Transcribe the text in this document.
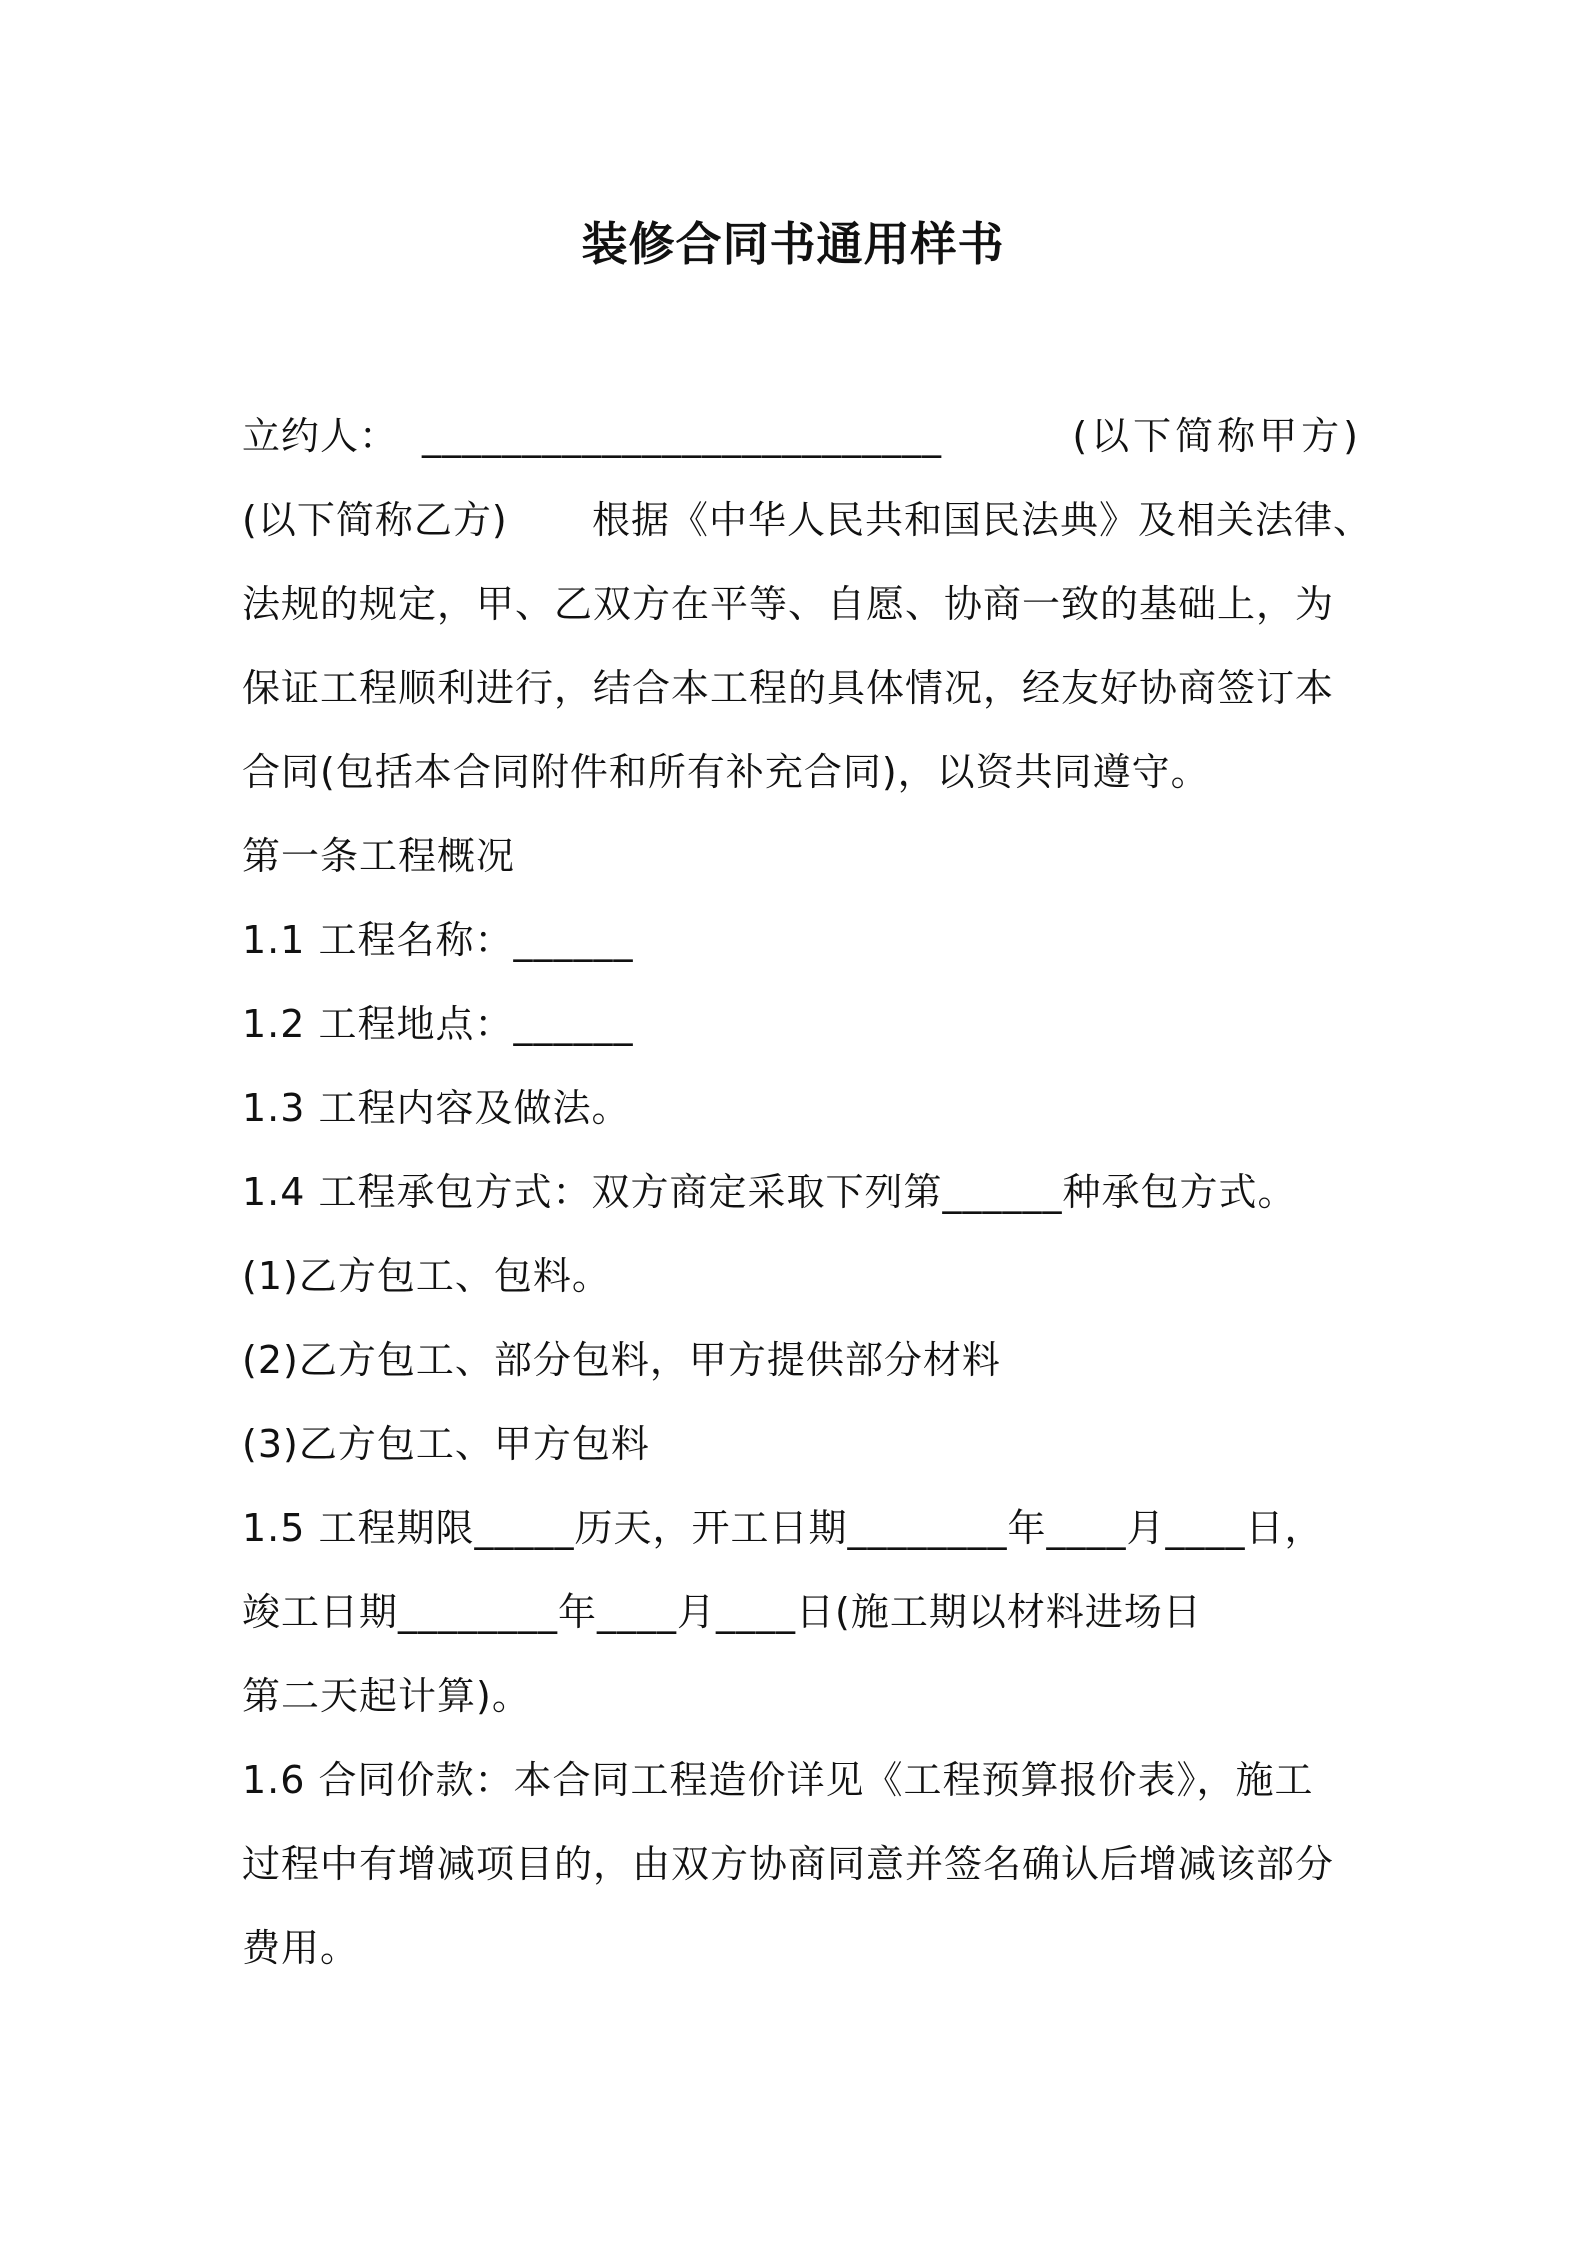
装修合同书通用样书
立约人： __________________________	(以下简称甲方)
(以下简称乙方) 根据《中华人民共和国民法典》及相关法律、
法规的规定，甲、乙双方在平等、自愿、协商一致的基础上，为
保证工程顺利进行，结合本工程的具体情况，经友好协商签订本
合同(包括本合同附件和所有补充合同)，以资共同遵守。
第一条工程概况
1.1 工程名称：______
1.2 工程地点：______
1.3 工程内容及做法。
1.4 工程承包方式：双方商定采取下列第______种承包方式。
(1)乙方包工、包料。
(2)乙方包工、部分包料，甲方提供部分材料
(3)乙方包工、甲方包料
1.5 工程期限_____历天，开工日期________年____月____日，
竣工日期________年____月____日(施工期以材料进场日
第二天起计算)。
1.6 合同价款：本合同工程造价详见《工程预算报价表》，施工
过程中有增减项目的，由双方协商同意并签名确认后增减该部分
费用。
